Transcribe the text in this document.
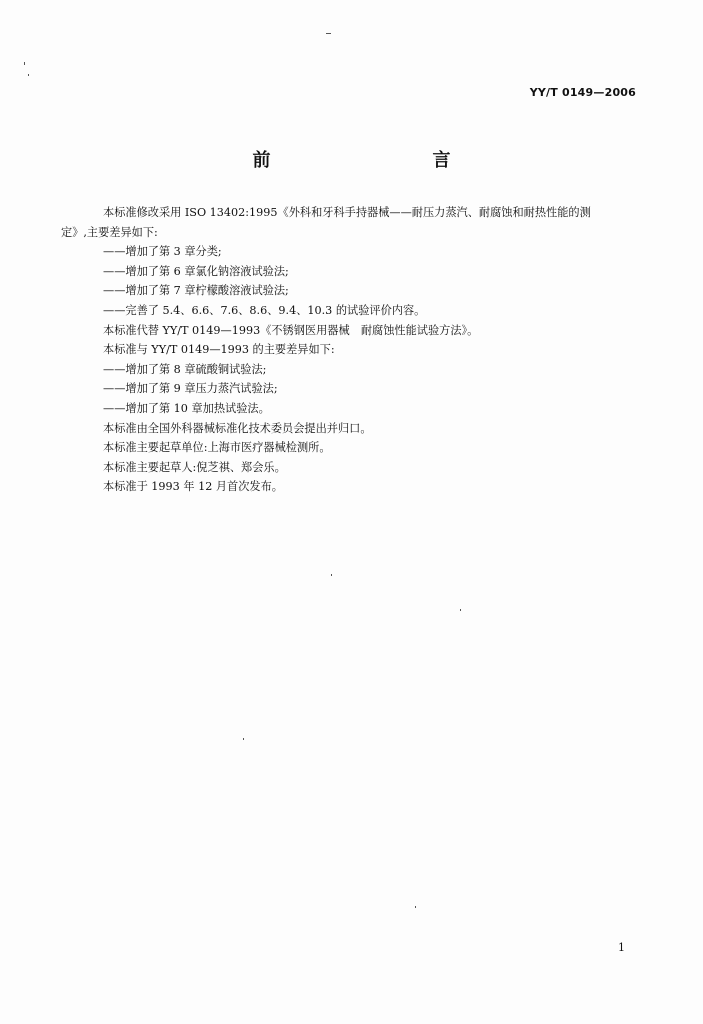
YY/T 0149—2006
前　　言

本标准修改采用 ISO 13402:1995《外科和牙科手持器械——耐压力蒸汽、耐腐蚀和耐热性能的测

定》,主要差异如下:

——增加了第 3 章分类;

——增加了第 6 章氯化钠溶液试验法;

——增加了第 7 章柠檬酸溶液试验法;

——完善了 5.4、6.6、7.6、8.6、9.4、10.3 的试验评价内容。

本标准代替 YY/T 0149—1993《不锈钢医用器械　耐腐蚀性能试验方法》。

本标准与 YY/T 0149—1993 的主要差异如下:

——增加了第 8 章硫酸铜试验法;

——增加了第 9 章压力蒸汽试验法;

——增加了第 10 章加热试验法。

本标准由全国外科器械标准化技术委员会提出并归口。

本标准主要起草单位:上海市医疗器械检测所。

本标准主要起草人:倪芝祺、郑会乐。

本标准于 1993 年 12 月首次发布。

1
